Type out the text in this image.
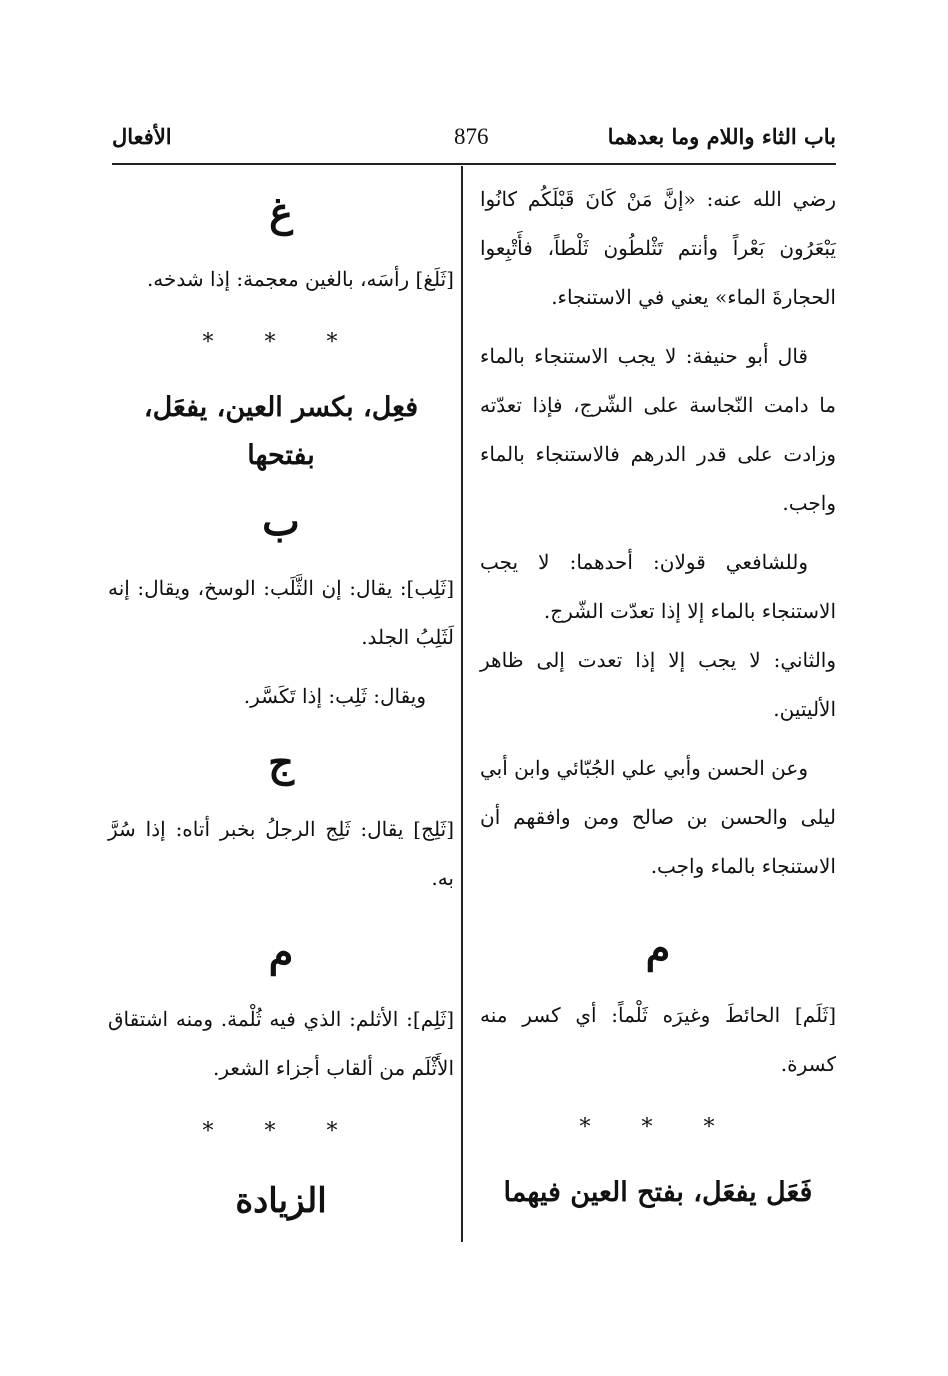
باب الثاء واللام وما بعدهما
876
الأفعال

رضي الله عنه: «إنَّ مَنْ كَانَ قَبْلَكُم كانُوا يَبْعَرُون بَعْراً وأنتم تَثْلطُون ثَلْطاً، فأَتْبِعوا الحجارةَ الماء» يعني في الاستنجاء.

قال أبو حنيفة: لا يجب الاستنجاء بالماء ما دامت النّجاسة على الشّرج، فإذا تعدّته وزادت على قدر الدرهم فالاستنجاء بالماء واجب.

وللشافعي قولان: أحدهما: لا يجب الاستنجاء بالماء إلا إذا تعدّت الشّرج.

والثاني: لا يجب إلا إذا تعدت إلى ظاهر الأليتين.

وعن الحسن وأبي علي الجُبّائي وابن أبي ليلى والحسن بن صالح ومن وافقهم أن الاستنجاء بالماء واجب.

م

[ثَلَم] الحائطَ وغيرَه ثَلْماً: أي كسر منه كسرة.

* * *
فَعَل يفعَل، بفتح العين فيهما
غ

[ثَلَغ] رأسَه، بالغين معجمة: إذا شدخه.

* * *
فعِل، بكسر العين، يفعَل، بفتحها
ب

[ثَلِب]: يقال: إن الثَّلَب: الوسخ، ويقال: إنه لَثَلِبُ الجلد.

ويقال: ثَلِب: إذا تَكَسَّر.

ج

[ثَلِج] يقال: ثَلِج الرجلُ بخبر أتاه: إذا سُرَّ به.

م

[ثَلِم]: الأثلم: الذي فيه ثُلْمة. ومنه اشتقاق الأَثْلَم من ألقاب أجزاء الشعر.

* * *
الزيادة
